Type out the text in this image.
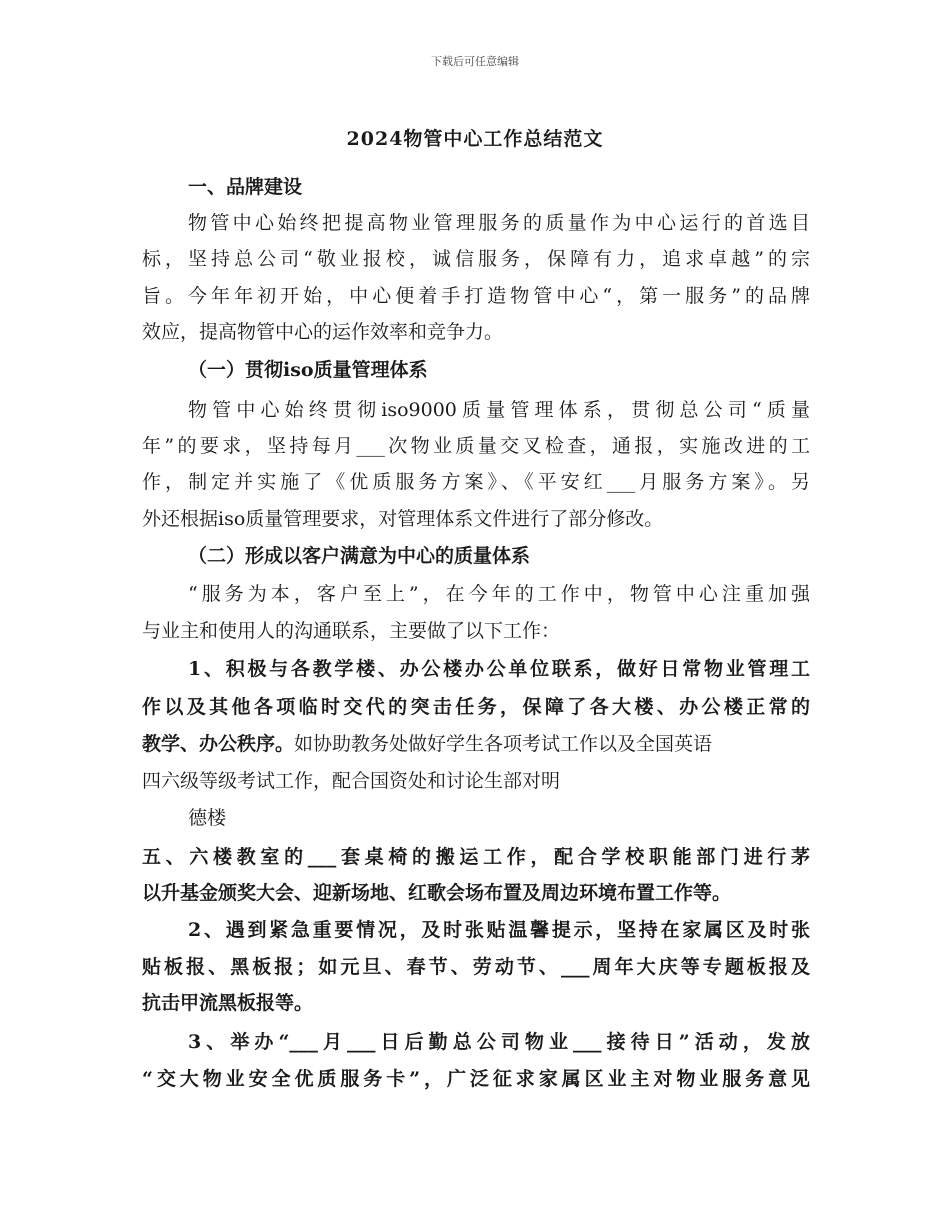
下载后可任意编辑
2024物管中心工作总结范文
一、品牌建设
物管中心始终把提高物业管理服务的质量作为中心运行的首选目
标，坚持总公司“敬业报校，诚信服务，保障有力，追求卓越”的宗
旨。今年年初开始，中心便着手打造物管中心“，第一服务”的品牌
效应，提高物管中心的运作效率和竞争力。
（一）贯彻iso质量管理体系
物管中心始终贯彻iso9000质量管理体系，贯彻总公司“质量
年”的要求，坚持每月___次物业质量交叉检查，通报，实施改进的工
作，制定并实施了《优质服务方案》、《平安红___月服务方案》。另
外还根据iso质量管理要求，对管理体系文件进行了部分修改。
（二）形成以客户满意为中心的质量体系
“服务为本，客户至上”，在今年的工作中，物管中心注重加强
与业主和使用人的沟通联系，主要做了以下工作：
1、积极与各教学楼、办公楼办公单位联系，做好日常物业管理工
作以及其他各项临时交代的突击任务，保障了各大楼、办公楼正常的
教学、办公秩序。如协助教务处做好学生各项考试工作以及全国英语
四六级等级考试工作，配合国资处和讨论生部对明
德楼
五、六楼教室的___套桌椅的搬运工作，配合学校职能部门进行茅
以升基金颁奖大会、迎新场地、红歌会场布置及周边环境布置工作等。
2、遇到紧急重要情况，及时张贴温馨提示，坚持在家属区及时张
贴板报、黑板报；如元旦、春节、劳动节、___周年大庆等专题板报及
抗击甲流黑板报等。
3、举办“___月___日后勤总公司物业___接待日”活动，发放
“交大物业安全优质服务卡”，广泛征求家属区业主对物业服务意见
